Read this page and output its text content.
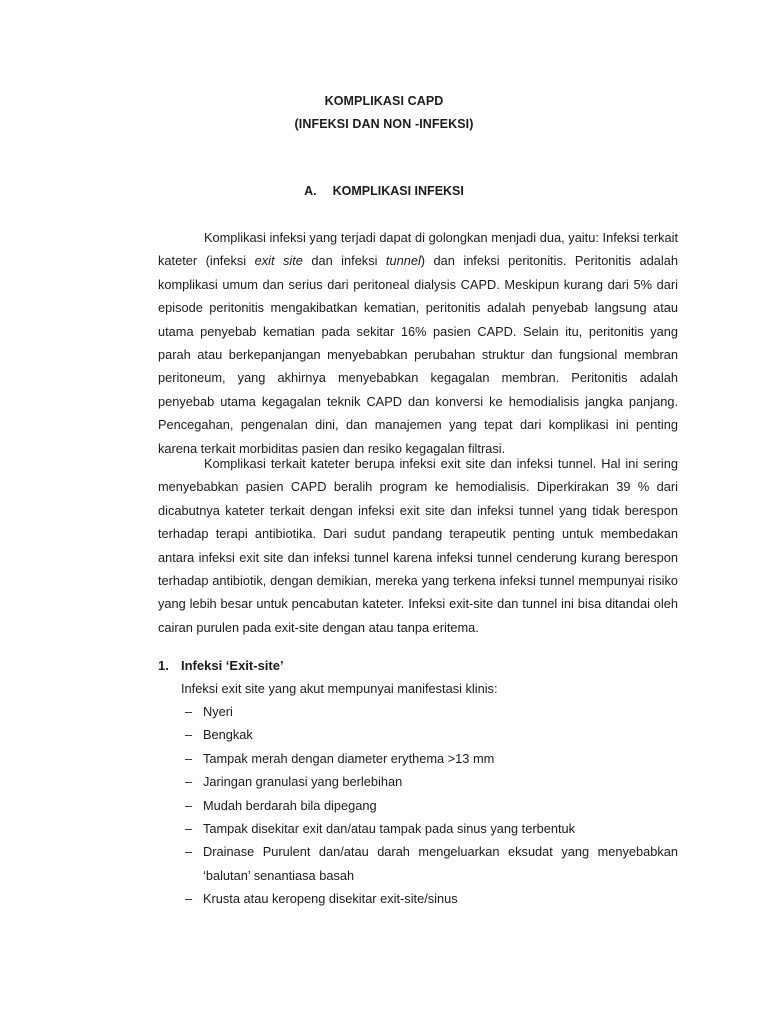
KOMPLIKASI CAPD
(INFEKSI DAN NON -INFEKSI)
A. KOMPLIKASI INFEKSI

Komplikasi infeksi yang terjadi dapat di golongkan menjadi dua, yaitu: Infeksi terkait kateter (infeksi exit site dan infeksi tunnel) dan infeksi peritonitis. Peritonitis adalah komplikasi umum dan serius dari peritoneal dialysis CAPD. Meskipun kurang dari 5% dari episode peritonitis mengakibatkan kematian, peritonitis adalah penyebab langsung atau utama penyebab kematian pada sekitar 16% pasien CAPD. Selain itu, peritonitis yang parah atau berkepanjangan menyebabkan perubahan struktur dan fungsional membran peritoneum, yang akhirnya menyebabkan kegagalan membran. Peritonitis adalah penyebab utama kegagalan teknik CAPD dan konversi ke hemodialisis jangka panjang. Pencegahan, pengenalan dini, dan manajemen yang tepat dari komplikasi ini penting karena terkait morbiditas pasien dan resiko kegagalan filtrasi.

Komplikasi terkait kateter berupa infeksi exit site dan infeksi tunnel. Hal ini sering menyebabkan pasien CAPD beralih program ke hemodialisis. Diperkirakan 39 % dari dicabutnya kateter terkait dengan infeksi exit site dan infeksi tunnel yang tidak berespon terhadap terapi antibiotika. Dari sudut pandang terapeutik penting untuk membedakan antara infeksi exit site dan infeksi tunnel karena infeksi tunnel cenderung kurang berespon terhadap antibiotik, dengan demikian, mereka yang terkena infeksi tunnel mempunyai risiko yang lebih besar untuk pencabutan kateter. Infeksi exit-site dan tunnel ini bisa ditandai oleh cairan purulen pada exit-site dengan atau tanpa eritema.

1. Infeksi ‘Exit-site’
Infeksi exit site yang akut mempunyai manifestasi klinis:
– Nyeri
– Bengkak
– Tampak merah dengan diameter erythema >13 mm
– Jaringan granulasi yang berlebihan
– Mudah berdarah bila dipegang
– Tampak disekitar exit dan/atau tampak pada sinus yang terbentuk
– Drainase Purulent dan/atau darah mengeluarkan eksudat yang menyebabkan ‘balutan’ senantiasa basah
– Krusta atau keropeng disekitar exit-site/sinus
